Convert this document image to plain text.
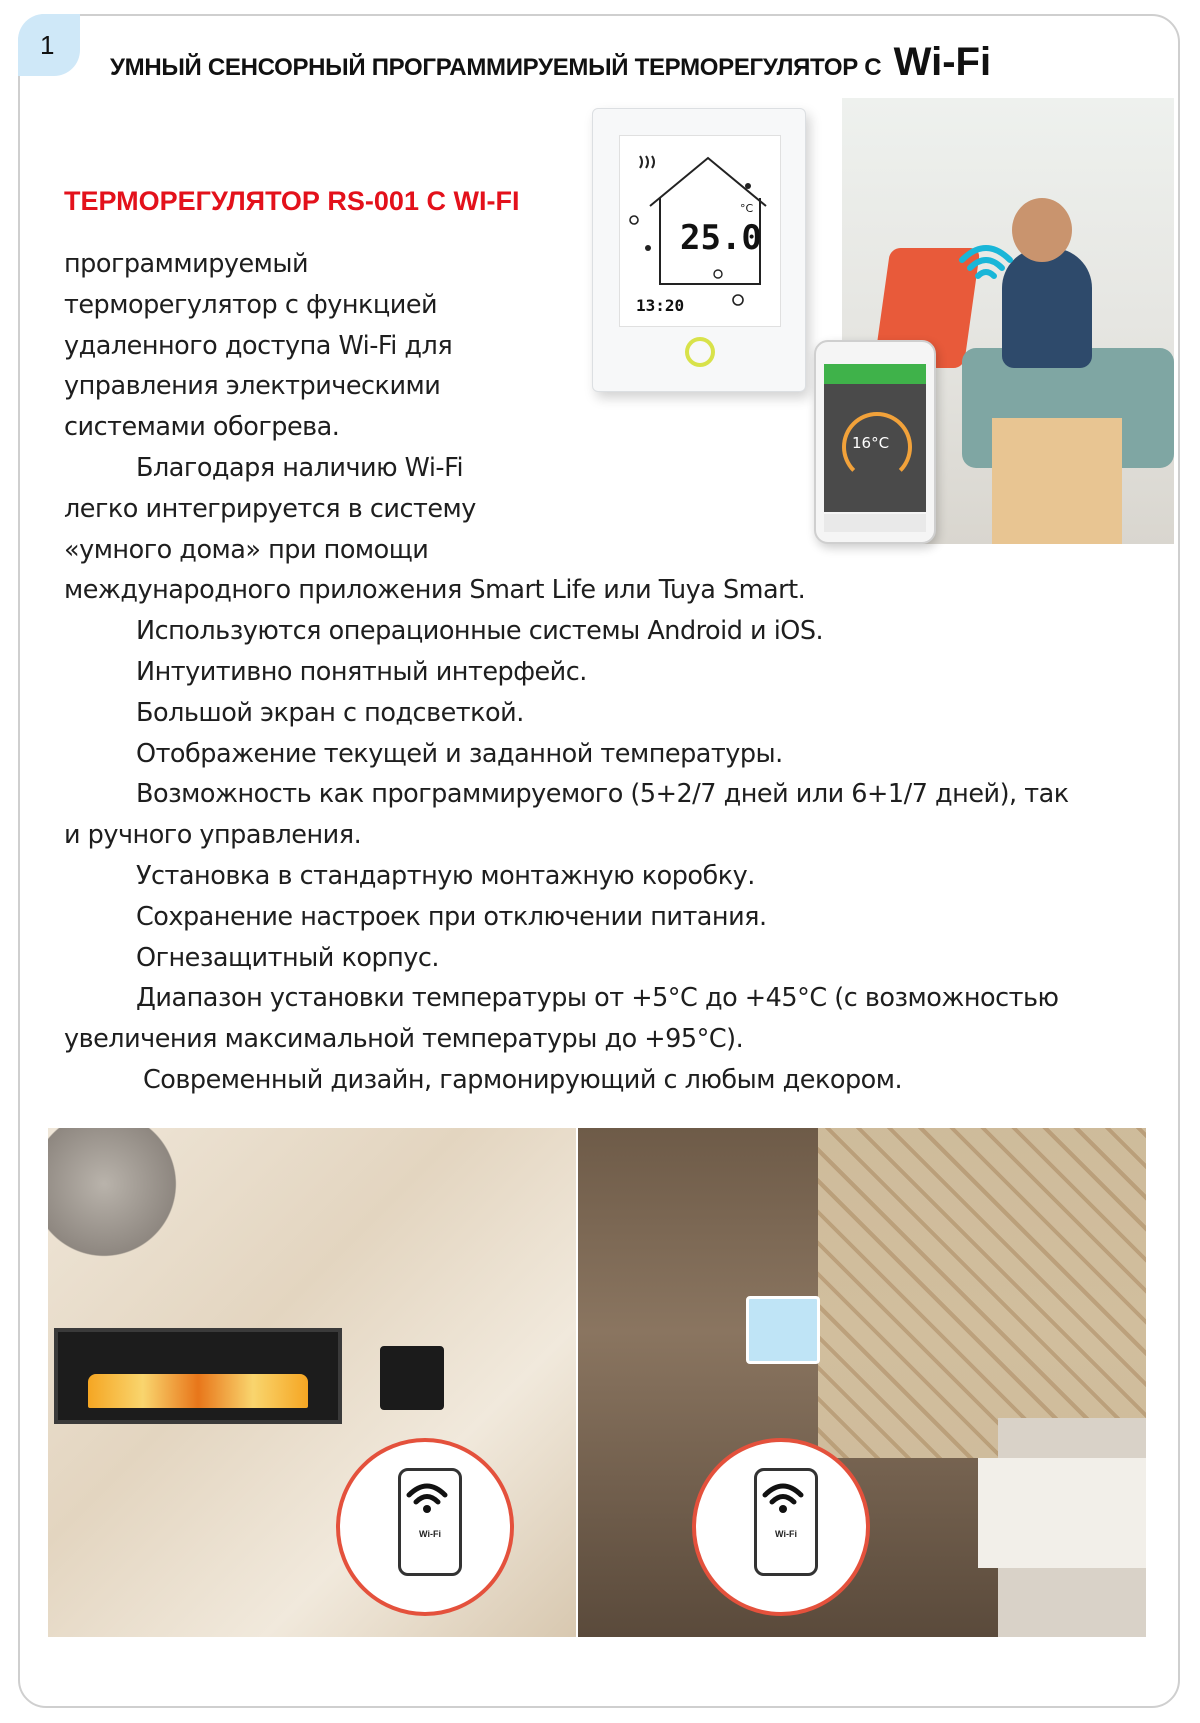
1
УМНЫЙ СЕНСОРНЫЙ ПРОГРАММИРУЕМЫЙ ТЕРМОРЕГУЛЯТОР С Wi-Fi
ТЕРМОРЕГУЛЯТОР RS-001 С WI-FI
25.0
°C
13:20
16°C

программируемый

терморегулятор с функцией

удаленного доступа Wi-Fi для

управления электрическими

системами обогрева.

Благодаря наличию Wi-Fi

легко интегрируется в систему

«умного дома» при помощи

международного приложения Smart Life или Tuya Smart.

Используются операционные системы Android и iOS.

Интуитивно понятный интерфейс.

Большой экран с подсветкой.

Отображение текущей и заданной температуры.

Возможность как программируемого (5+2/7 дней или 6+1/7 дней), так

и ручного управления.

Установка в стандартную монтажную коробку.

Сохранение настроек при отключении питания.

Огнезащитный корпус.

Диапазон установки температуры от +5°С до +45°С (с возможностью

увеличения максимальной температуры до +95°С).

Современный дизайн, гармонирующий с любым декором.

Wi-Fi	Wi-Fi
